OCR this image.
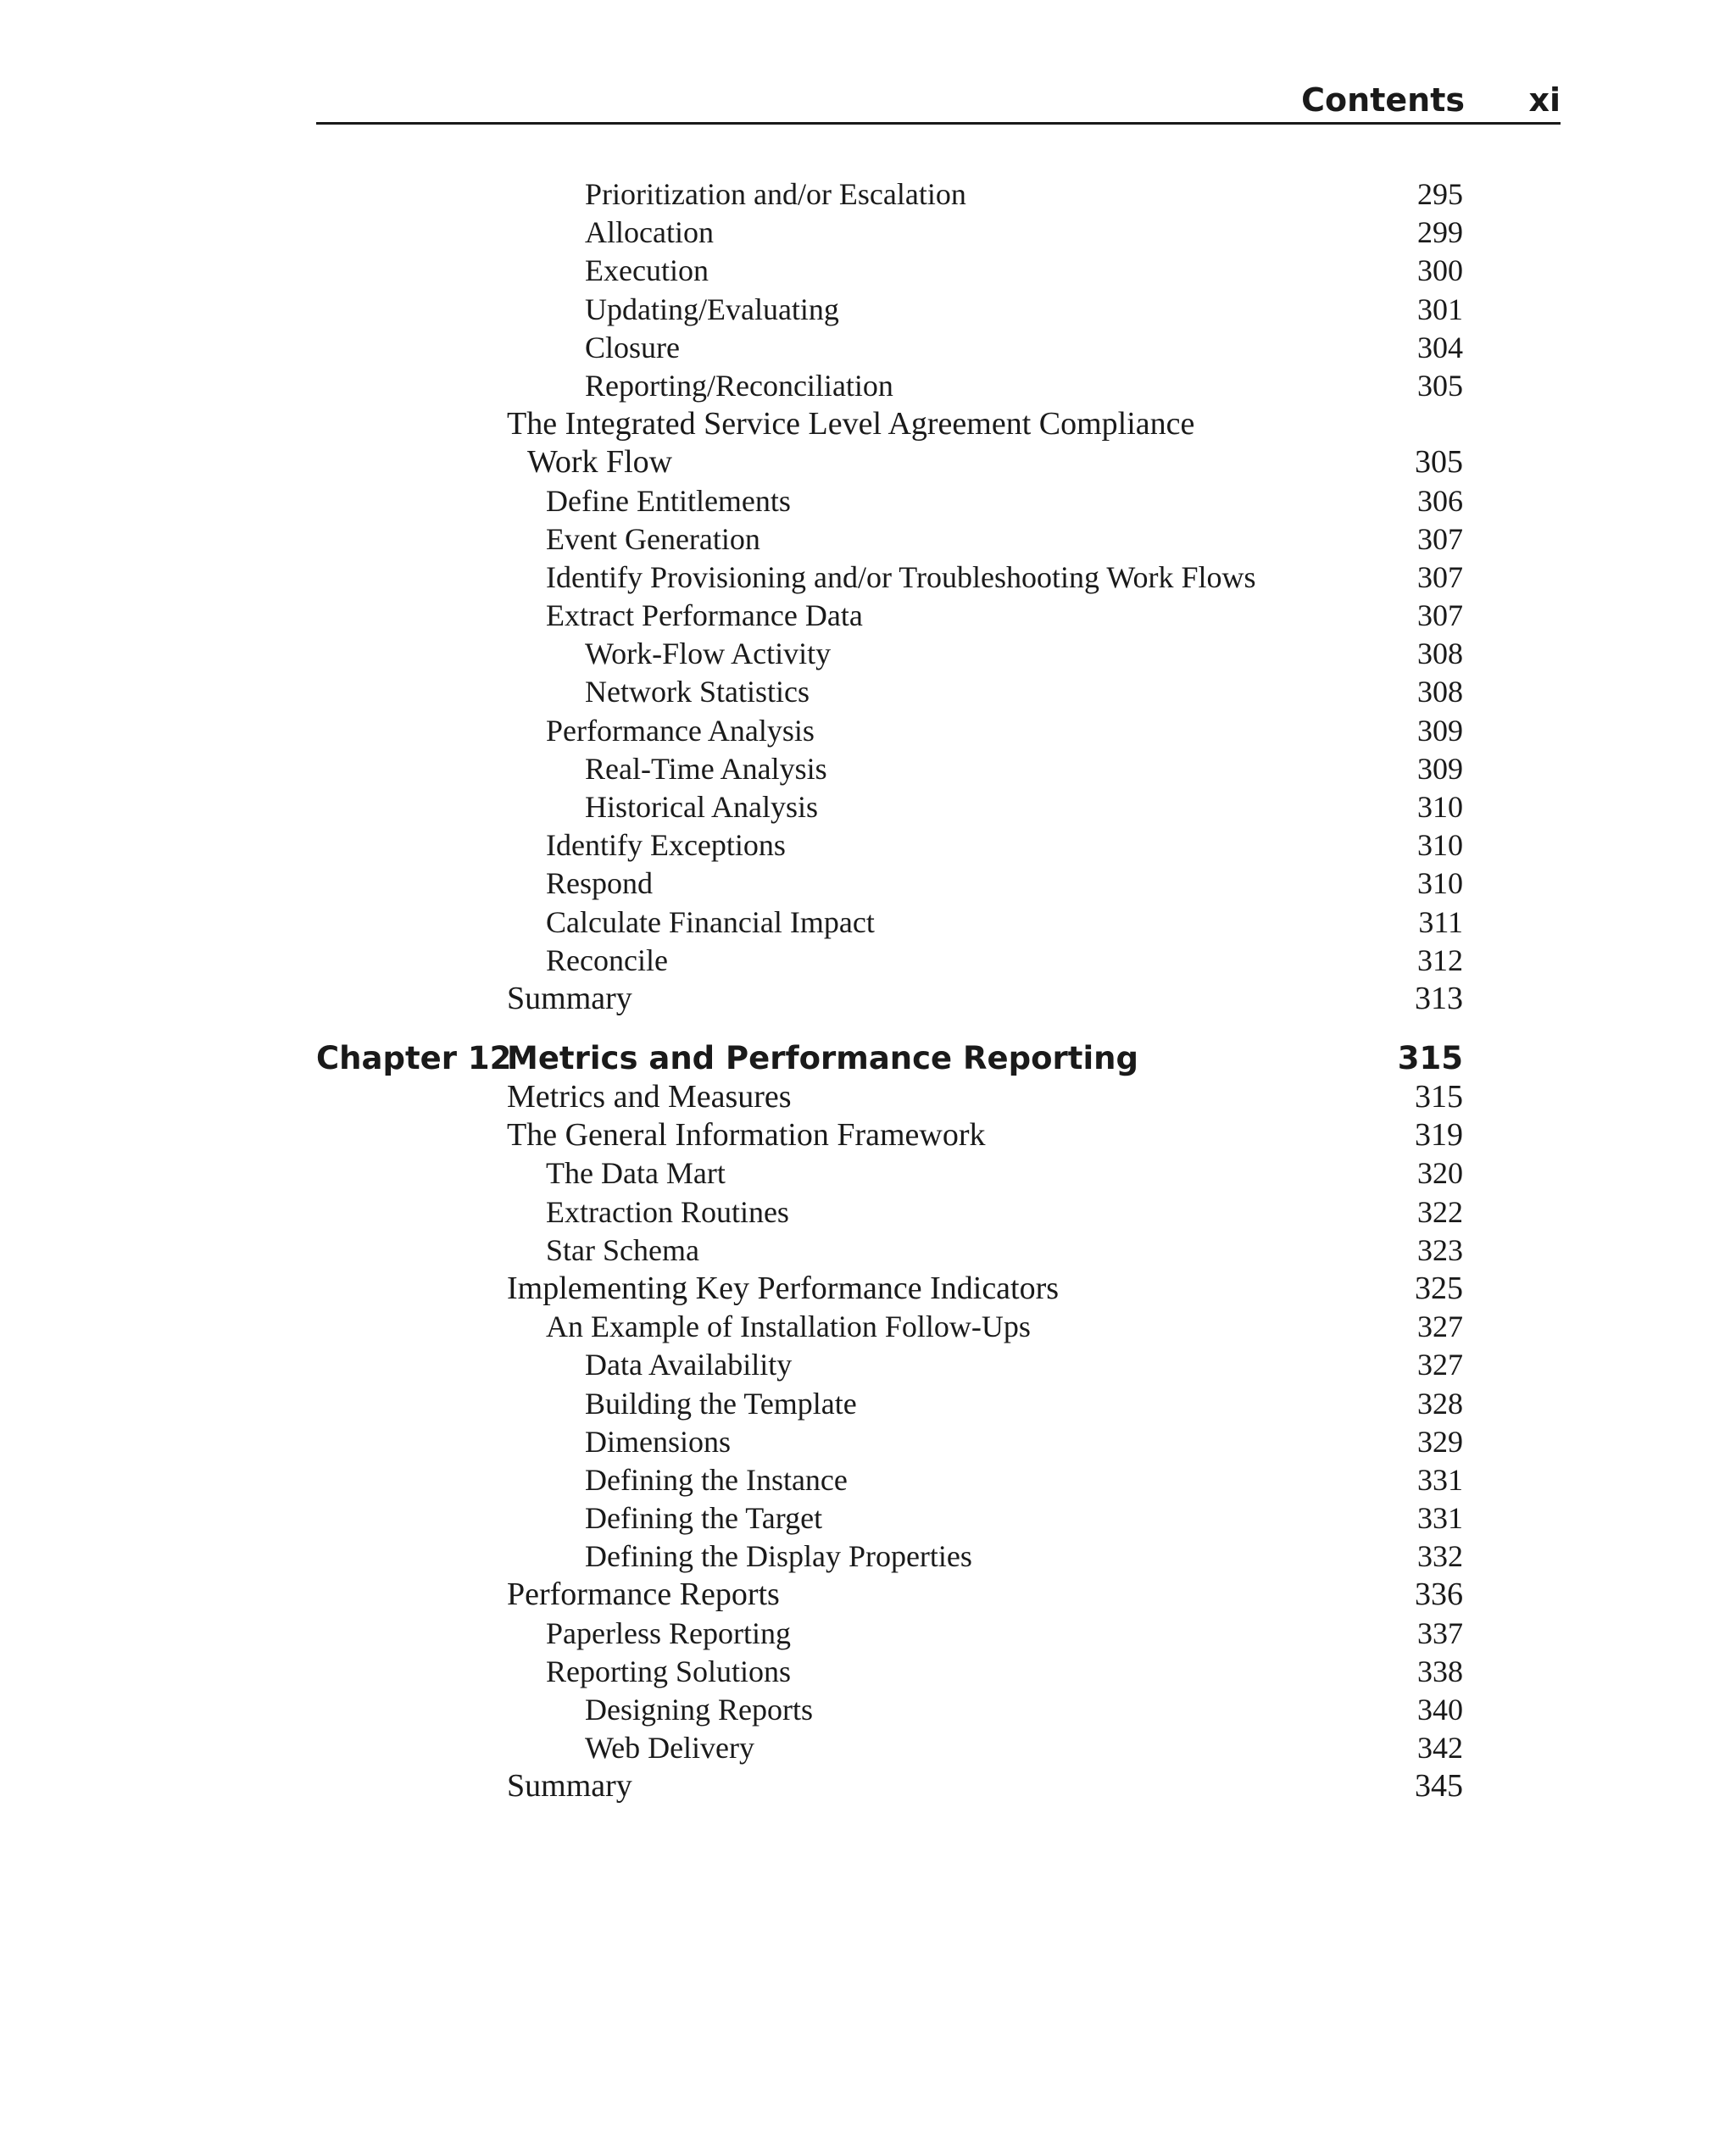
Contents xi
Prioritization and/or Escalation	295
Allocation	299
Execution	300
Updating/Evaluating	301
Closure	304
Reporting/Reconciliation	305
The Integrated Service Level Agreement Compliance
Work Flow	305
Define Entitlements	306
Event Generation	307
Identify Provisioning and/or Troubleshooting Work Flows	307
Extract Performance Data	307
Work-Flow Activity	308
Network Statistics	308
Performance Analysis	309
Real-Time Analysis	309
Historical Analysis	310
Identify Exceptions	310
Respond	310
Calculate Financial Impact	311
Reconcile	312
Summary	313
Chapter 12
Metrics and Performance Reporting	315
Metrics and Measures	315
The General Information Framework	319
The Data Mart	320
Extraction Routines	322
Star Schema	323
Implementing Key Performance Indicators	325
An Example of Installation Follow-Ups	327
Data Availability	327
Building the Template	328
Dimensions	329
Defining the Instance	331
Defining the Target	331
Defining the Display Properties	332
Performance Reports	336
Paperless Reporting	337
Reporting Solutions	338
Designing Reports	340
Web Delivery	342
Summary	345
